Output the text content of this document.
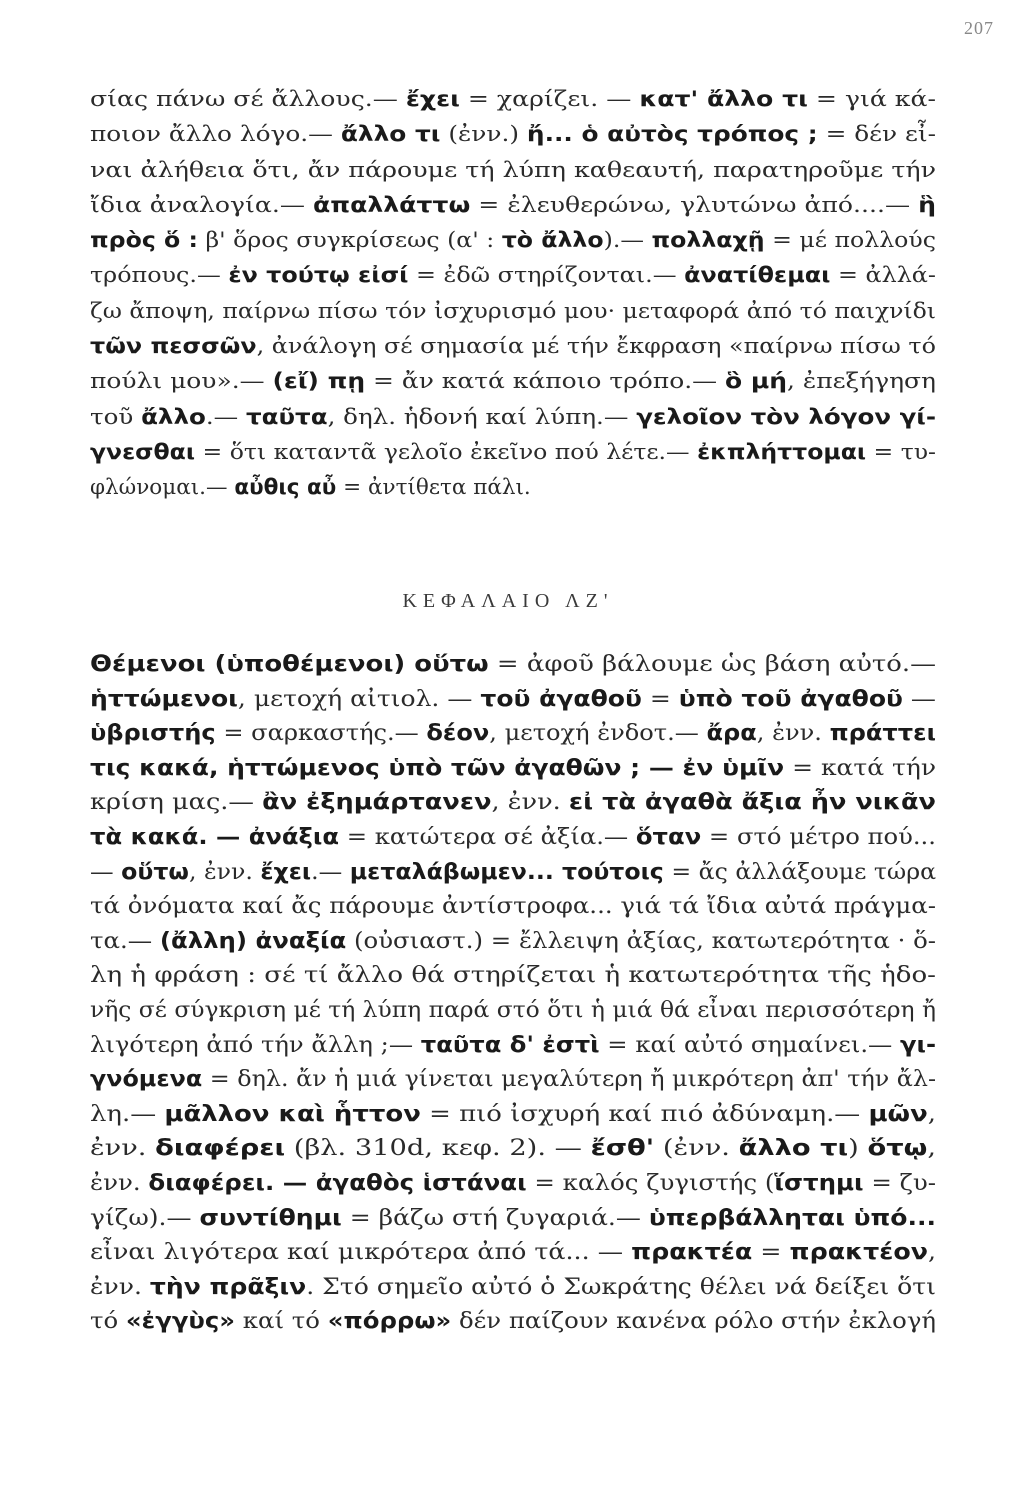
207
σίας πάνω σέ ἄλλους.— ἔχει = χαρίζει. — κατ' ἄλλο τι = γιά κά-
ποιον ἄλλο λόγο.— ἄλλο τι (ἐνν.) ἤ... ὁ αὐτὸς τρόπος ; = δέν εἶ-
ναι ἀλήθεια ὅτι, ἄν πάρουμε τή λύπη καθεαυτή, παρατηροῦμε τήν
ἴδια ἀναλογία.— ἀπαλλάττω = ἐλευθερώνω, γλυτώνω ἀπό....— ἣ
πρὸς ὅ : β' ὅρος συγκρίσεως (α' : τὸ ἄλλο).— πολλαχῇ = μέ πολλούς
τρόπους.— ἐν τούτῳ εἰσί = ἐδῶ στηρίζονται.— ἀνατίθεμαι = ἀλλά-
ζω ἄποψη, παίρνω πίσω τόν ἰσχυρισμό μου· μεταφορά ἀπό τό παιχνίδι
τῶν πεσσῶν, ἀνάλογη σέ σημασία μέ τήν ἔκφραση «παίρνω πίσω τό
πούλι μου».— (εἴ) πῃ = ἄν κατά κάποιο τρόπο.— ὃ μή, ἐπεξήγηση
τοῦ ἄλλο.— ταῦτα, δηλ. ἡδονή καί λύπη.— γελοῖον τὸν λόγον γί-
γνεσθαι = ὅτι καταντᾶ γελοῖο ἐκεῖνο πού λέτε.— ἐκπλήττομαι = τυ-
φλώνομαι.— αὖθις αὖ = ἀντίθετα πάλι.
ΚΕΦΑΛΑΙΟ ΛΖ'
Θέμενοι (ὑποθέμενοι) οὕτω = ἀφοῦ βάλουμε ὡς βάση αὐτό.—
ἡττώμενοι, μετοχή αἰτιολ. — τοῦ ἀγαθοῦ = ὑπὸ τοῦ ἀγαθοῦ —
ὑβριστής = σαρκαστής.— δέον, μετοχή ἐνδοτ.— ἄρα, ἐνν. πράττει
τις κακά, ἡττώμενος ὑπὸ τῶν ἀγαθῶν ; — ἐν ὑμῖν = κατά τήν
κρίση μας.— ἂν ἐξημάρτανεν, ἐνν. εἰ τὰ ἀγαθὰ ἄξια ἦν νικᾶν
τὰ κακά. — ἀνάξια = κατώτερα σέ ἀξία.— ὅταν = στό μέτρο πού...
— οὕτω, ἐνν. ἔχει.— μεταλάβωμεν... τούτοις = ἄς ἀλλάξουμε τώρα
τά ὀνόματα καί ἄς πάρουμε ἀντίστροφα... γιά τά ἴδια αὐτά πράγμα-
τα.— (ἄλλη) ἀναξία (οὐσιαστ.) = ἔλλειψη ἀξίας, κατωτερότητα · ὅ-
λη ἡ φράση : σέ τί ἄλλο θά στηρίζεται ἡ κατωτερότητα τῆς ἡδο-
νῆς σέ σύγκριση μέ τή λύπη παρά στό ὅτι ἡ μιά θά εἶναι περισσότερη ἤ
λιγότερη ἀπό τήν ἄλλη ;— ταῦτα δ' ἐστὶ = καί αὐτό σημαίνει.— γι-
γνόμενα = δηλ. ἄν ἡ μιά γίνεται μεγαλύτερη ἤ μικρότερη ἀπ' τήν ἄλ-
λη.— μᾶλλον καὶ ἧττον = πιό ἰσχυρή καί πιό ἀδύναμη.— μῶν,
ἐνν. διαφέρει (βλ. 310d, κεφ. 2). — ἔσθ' (ἐνν. ἄλλο τι) ὅτῳ,
ἐνν. διαφέρει. — ἀγαθὸς ἱστάναι = καλός ζυγιστής (ἵστημι = ζυ-
γίζω).— συντίθημι = βάζω στή ζυγαριά.— ὑπερβάλληται ὑπό...
εἶναι λιγότερα καί μικρότερα ἀπό τά... — πρακτέα = πρακτέον,
ἐνν. τὴν πρᾶξιν. Στό σημεῖο αὐτό ὁ Σωκράτης θέλει νά δείξει ὅτι
τό «ἐγγὺς» καί τό «πόρρω» δέν παίζουν κανένα ρόλο στήν ἐκλογή
